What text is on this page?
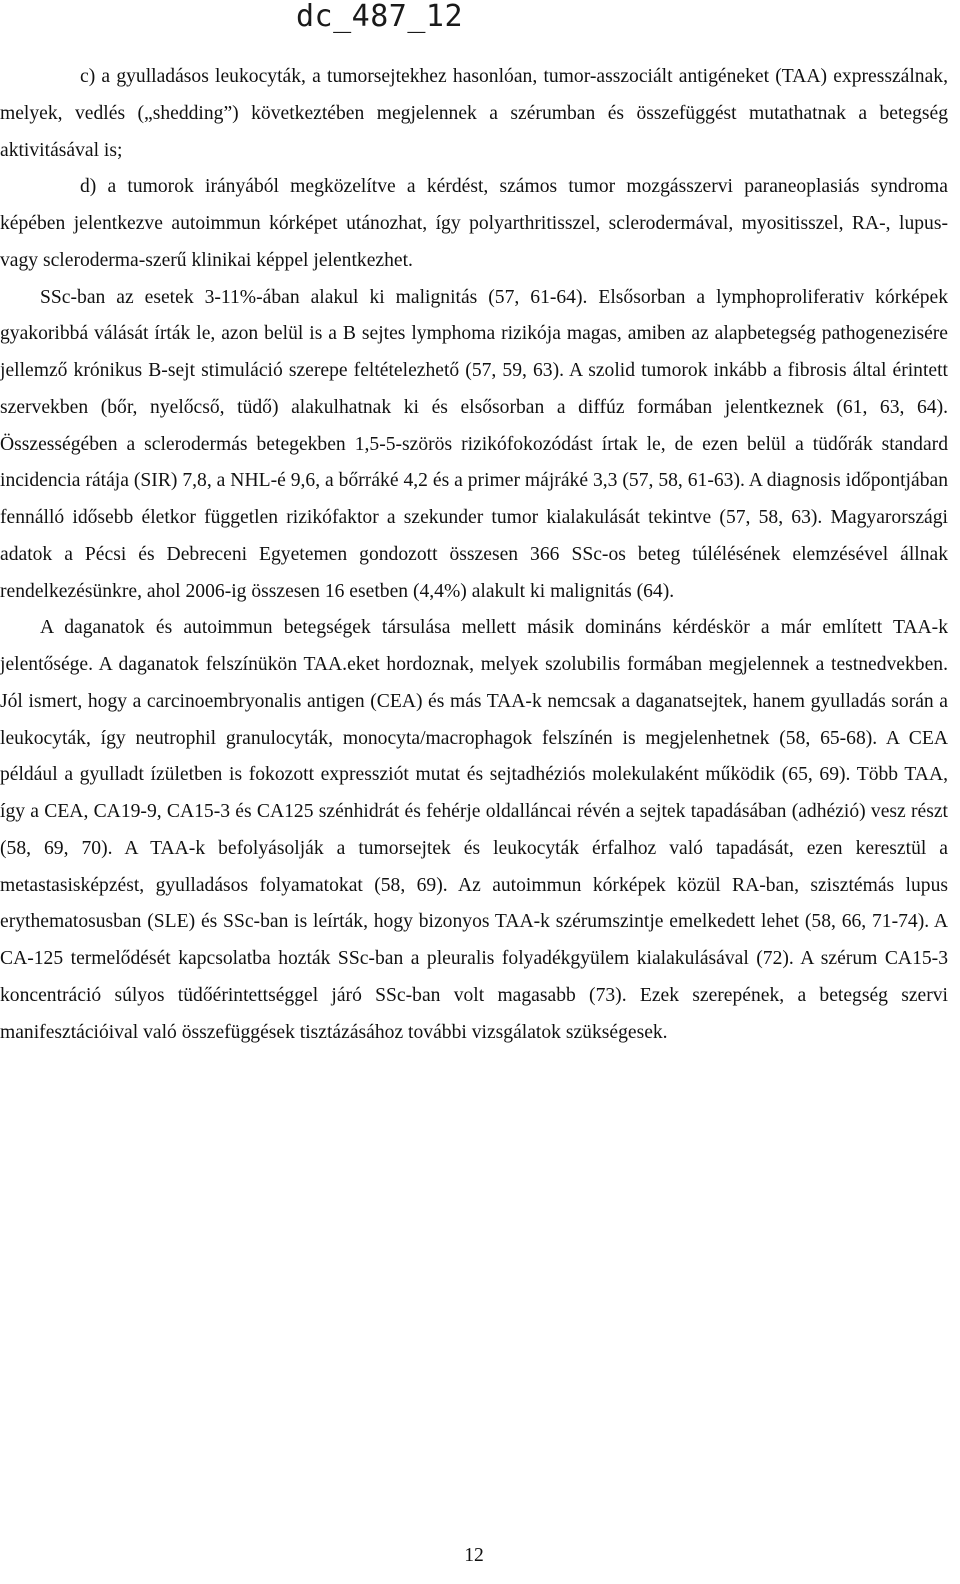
dc_487_12

c) a gyulladásos leukocyták, a tumorsejtekhez hasonlóan, tumor-asszociált antigéneket (TAA) expresszálnak, melyek, vedlés („shedding”) következtében megjelennek a szérumban és összefüggést mutathatnak a betegség aktivitásával is;

d) a tumorok irányából megközelítve a kérdést, számos tumor mozgásszervi paraneoplasiás syndroma képében jelentkezve autoimmun kórképet utánozhat, így polyarthritisszel, sclerodermával, myositisszel, RA-, lupus- vagy scleroderma-szerű klinikai képpel jelentkezhet.

SSc-ban az esetek 3-11%-ában alakul ki malignitás (57, 61-64). Elsősorban a lymphoproliferativ kórképek gyakoribbá válását írták le, azon belül is a B sejtes lymphoma rizikója magas, amiben az alapbetegség pathogenezisére jellemző krónikus B-sejt stimuláció szerepe feltételezhető (57, 59, 63). A szolid tumorok inkább a fibrosis által érintett szervekben (bőr, nyelőcső, tüdő) alakulhatnak ki és elsősorban a diffúz formában jelentkeznek (61, 63, 64). Összességében a sclerodermás betegekben 1,5-5-szörös rizikófokozódást írtak le, de ezen belül a tüdőrák standard incidencia rátája (SIR) 7,8, a NHL-é 9,6, a bőrráké 4,2 és a primer májráké 3,3 (57, 58, 61-63). A diagnosis időpontjában fennálló idősebb életkor független rizikófaktor a szekunder tumor kialakulását tekintve (57, 58, 63). Magyarországi adatok a Pécsi és Debreceni Egyetemen gondozott összesen 366 SSc-os beteg túlélésének elemzésével állnak rendelkezésünkre, ahol 2006-ig összesen 16 esetben (4,4%) alakult ki malignitás (64).

A daganatok és autoimmun betegségek társulása mellett másik domináns kérdéskör a már említett TAA-k jelentősége. A daganatok felszínükön TAA.eket hordoznak, melyek szolubilis formában megjelennek a testnedvekben. Jól ismert, hogy a carcinoembryonalis antigen (CEA) és más TAA-k nemcsak a daganatsejtek, hanem gyulladás során a leukocyták, így neutrophil granulocyták, monocyta/macrophagok felszínén is megjelenhetnek (58, 65-68). A CEA például a gyulladt ízületben is fokozott expressziót mutat és sejtadhéziós molekulaként működik (65, 69). Több TAA, így a CEA, CA19-9, CA15-3 és CA125 szénhidrát és fehérje oldalláncai révén a sejtek tapadásában (adhézió) vesz részt (58, 69, 70). A TAA-k befolyásolják a tumorsejtek és leukocyták érfalhoz való tapadását, ezen keresztül a metastasisképzést, gyulladásos folyamatokat (58, 69). Az autoimmun kórképek közül RA-ban, szisztémás lupus erythematosusban (SLE) és SSc-ban is leírták, hogy bizonyos TAA-k szérumszintje emelkedett lehet (58, 66, 71-74). A CA-125 termelődését kapcsolatba hozták SSc-ban a pleuralis folyadékgyülem kialakulásával (72). A szérum CA15-3 koncentráció súlyos tüdőérintettséggel járó SSc-ban volt magasabb (73). Ezek szerepének, a betegség szervi manifesztációival való összefüggések tisztázásához további vizsgálatok szükségesek.

12
